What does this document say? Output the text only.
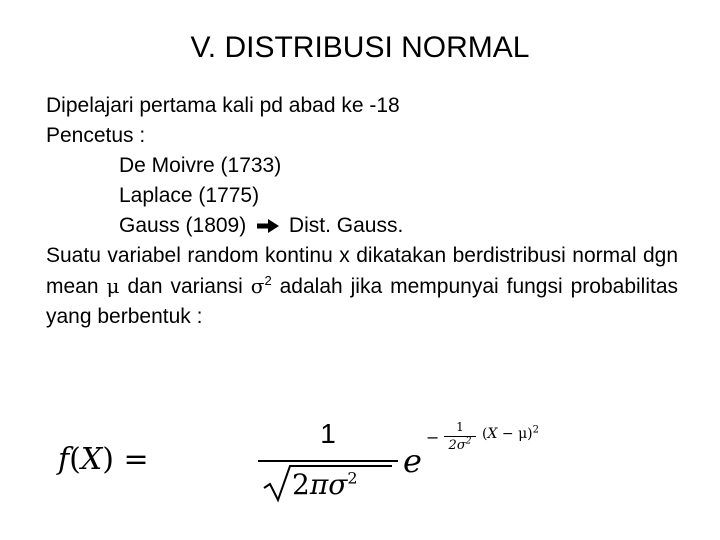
V. DISTRIBUSI NORMAL
Dipelajari pertama kali pd abad ke -18
Pencetus :
De Moivre (1733)
Laplace (1775)
Gauss (1809) Dist. Gauss.
Suatu variabel random kontinu x dikatakan berdistribusi normal dgn mean μ dan variansi $\sigma^2$ adalah jika mempunyai fungsi probabilitas yang berbentuk :
f(X) =
1
$2\pi\sigma^2$ e
−
1
$2\sigma^2$ $(X - \mu)^2$
